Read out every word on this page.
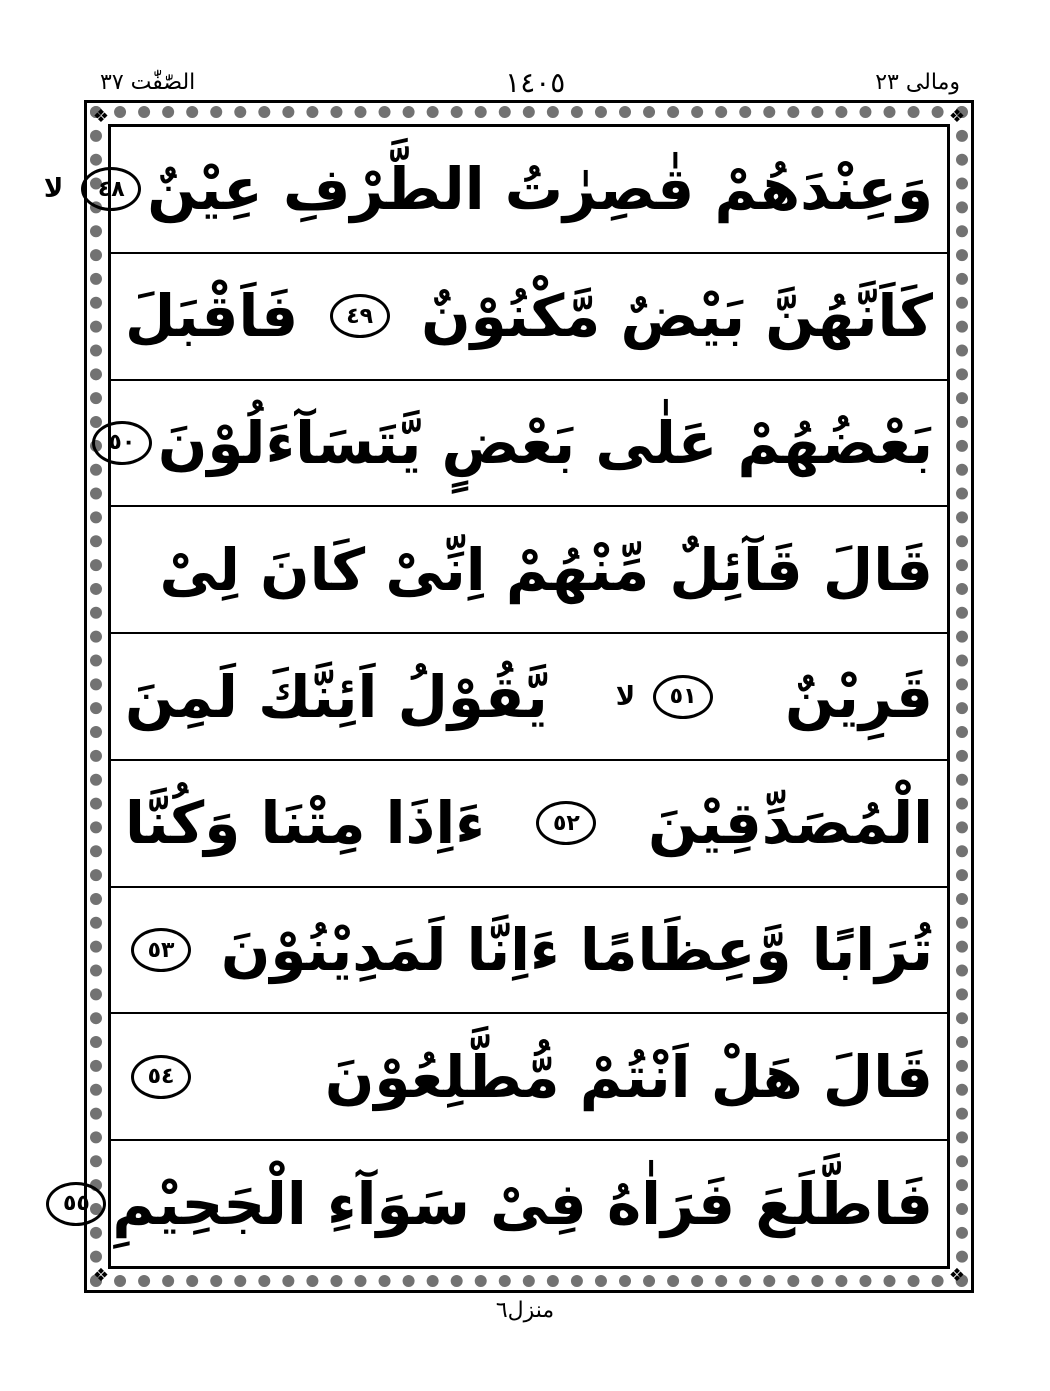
الصّٰفّٰت ٣٧	١٤٠٥	ومالی ٢٣
❖	❖
❖	❖
وَعِنْدَهُمْ قٰصِرٰتُ الطَّرْفِ عِيْنٌ
٤٨
لا
كَاَنَّهُنَّ بَيْضٌ مَّكْنُوْنٌ
٤٩
فَاَقْبَلَ
بَعْضُهُمْ عَلٰى بَعْضٍ يَّتَسَآءَلُوْنَ
٥٠
قَالَ قَآئِلٌ مِّنْهُمْ اِنِّىْ كَانَ لِىْ
قَرِيْنٌ
٥١
لا
يَّقُوْلُ اَئِنَّكَ لَمِنَ
الْمُصَدِّقِيْنَ
٥٢
ءَاِذَا مِتْنَا وَكُنَّا
تُرَابًا وَّعِظَامًا ءَاِنَّا لَمَدِيْنُوْنَ
٥٣
قَالَ هَلْ اَنْتُمْ مُّطَّلِعُوْنَ
٥٤
فَاطَّلَعَ فَرَاٰهُ فِىْ سَوَآءِ الْجَحِيْمِ
٥٥
منزل٦
